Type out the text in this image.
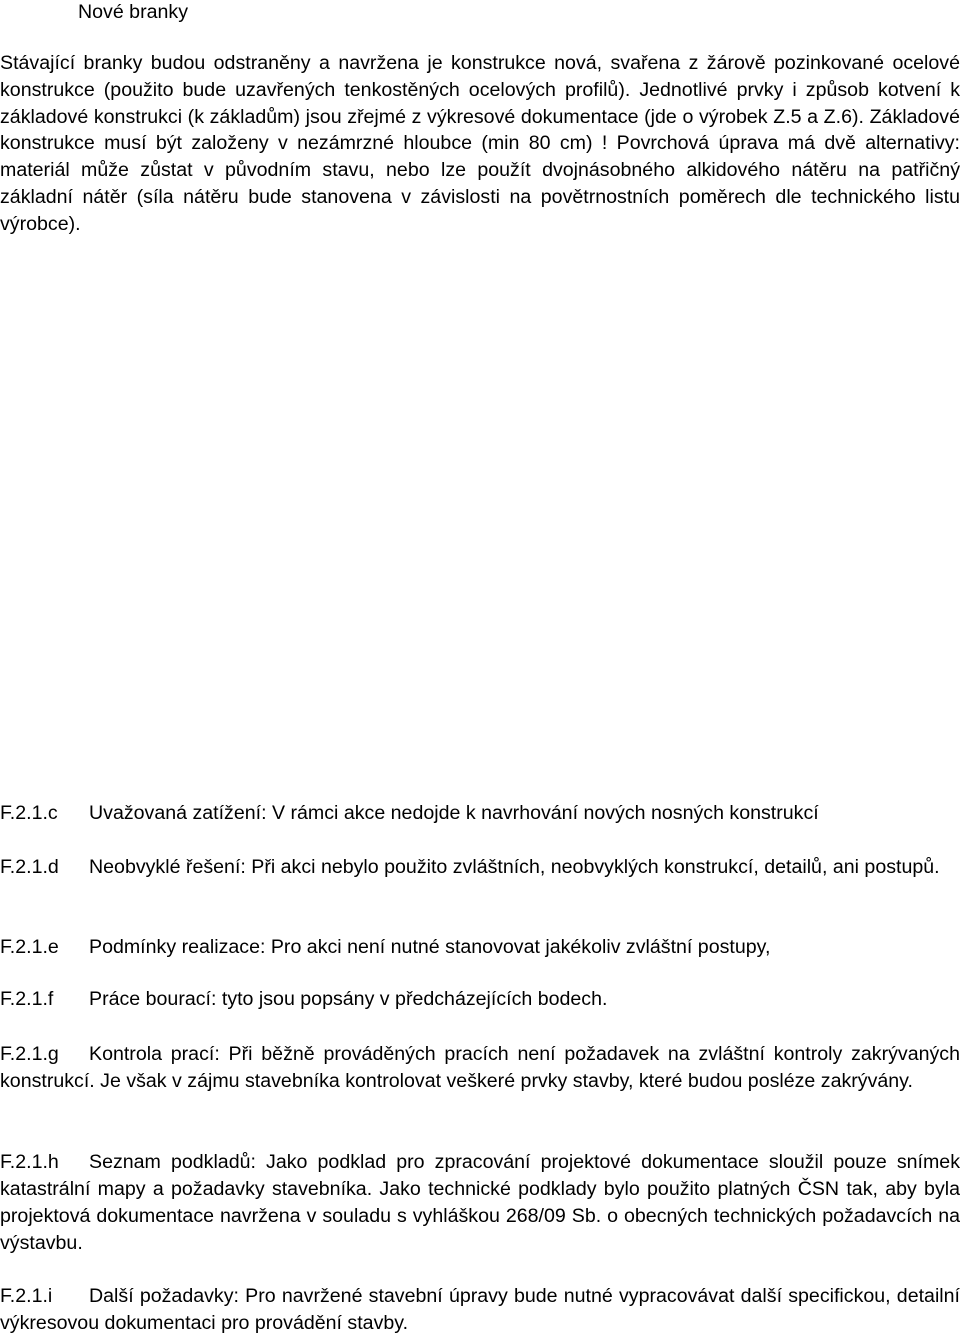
Nové branky
Stávající branky budou odstraněny a navržena je konstrukce nová, svařena z žárově pozinkované ocelové konstrukce (použito bude uzavřených tenkostěných ocelových profilů). Jednotlivé prvky i způsob kotvení k základové konstrukci (k základům) jsou zřejmé z výkresové dokumentace (jde o výrobek Z.5 a Z.6). Základové konstrukce musí být založeny v nezámrzné hloubce (min 80 cm) ! Povrchová úprava má dvě alternativy: materiál může zůstat v původním stavu, nebo lze použít dvojnásobného alkidového nátěru na patřičný základní nátěr (síla nátěru bude stanovena v závislosti na povětrnostních poměrech dle technického listu výrobce).
F.2.1.c Uvažovaná zatížení: V rámci akce nedojde k navrhování nových nosných konstrukcí
F.2.1.d Neobvyklé řešení: Při akci nebylo použito zvláštních, neobvyklých konstrukcí, detailů, ani postupů.
F.2.1.e Podmínky realizace: Pro akci není nutné stanovovat jakékoliv zvláštní postupy,
F.2.1.f Práce bourací: tyto jsou popsány v předcházejících bodech.
F.2.1.g Kontrola prací: Při běžně prováděných pracích není požadavek na zvláštní kontroly zakrývaných konstrukcí. Je však v zájmu stavebníka kontrolovat veškeré prvky stavby, které budou posléze zakrývány.
F.2.1.h Seznam podkladů: Jako podklad pro zpracování projektové dokumentace sloužil pouze snímek katastrální mapy a požadavky stavebníka. Jako technické podklady bylo použito platných ČSN tak, aby byla projektová dokumentace navržena v souladu s vyhláškou 268/09 Sb. o obecných technických požadavcích na výstavbu.
F.2.1.i Další požadavky: Pro navržené stavební úpravy bude nutné vypracovávat další specifickou, detailní výkresovou dokumentaci pro provádění stavby.
